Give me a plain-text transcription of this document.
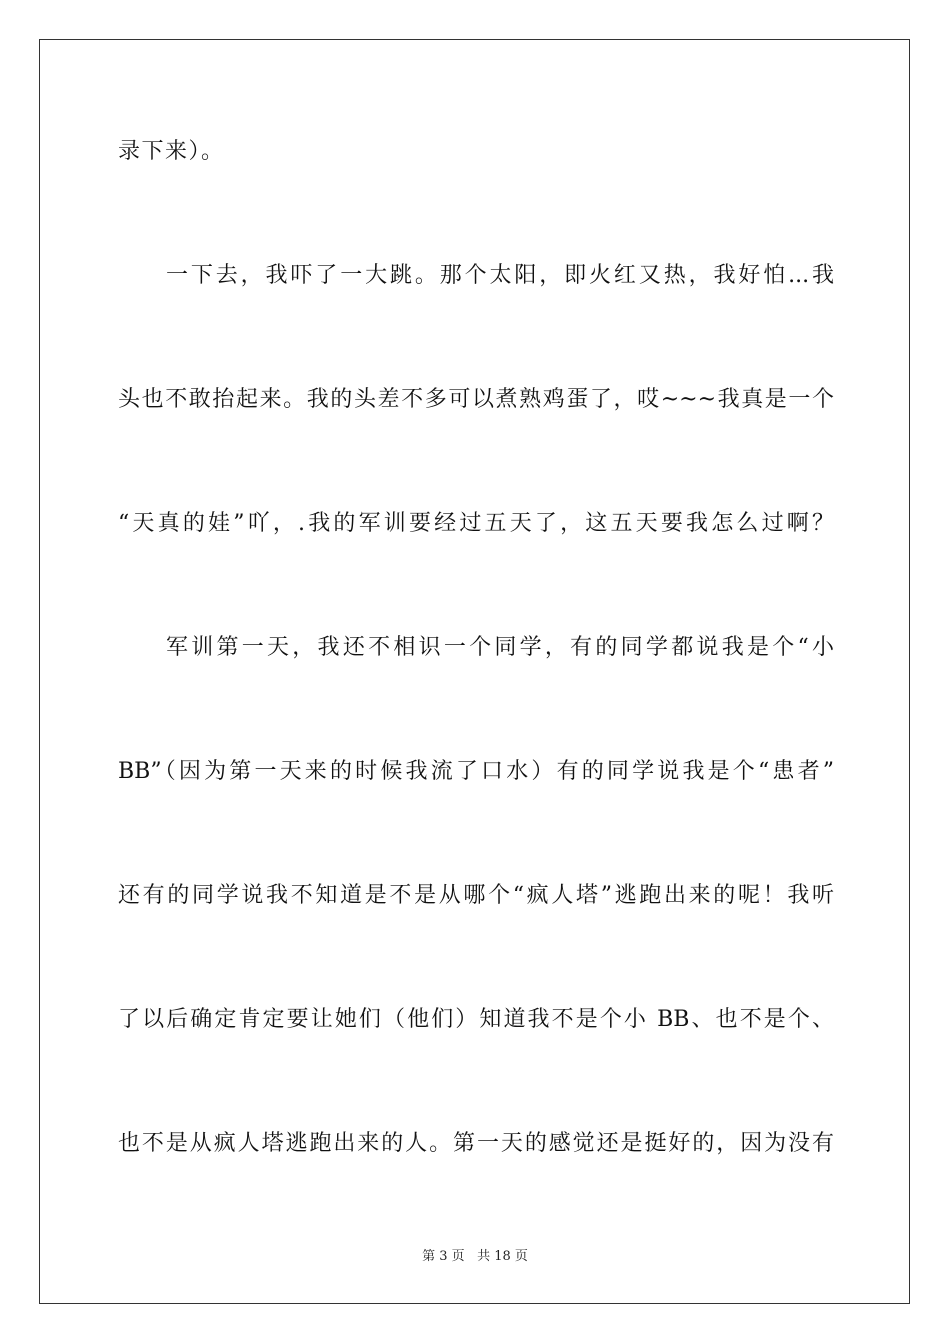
录下来）。
一下去，我吓了一大跳。那个太阳，即火红又热，我好怕...我
头也不敢抬起来。我的头差不多可以煮熟鸡蛋了，哎~~~我真是一个
“天真的娃”吖，.我的军训要经过五天了，这五天要我怎么过啊？
军训第一天，我还不相识一个同学，有的同学都说我是个“小
BB”（因为第一天来的时候我流了口水）有的同学说我是个“患者”
还有的同学说我不知道是不是从哪个“疯人塔”逃跑出来的呢！我听
了以后确定肯定要让她们（他们）知道我不是个小 BB、也不是个、
也不是从疯人塔逃跑出来的人。第一天的感觉还是挺好的，因为没有
第 3 页 共 18 页
